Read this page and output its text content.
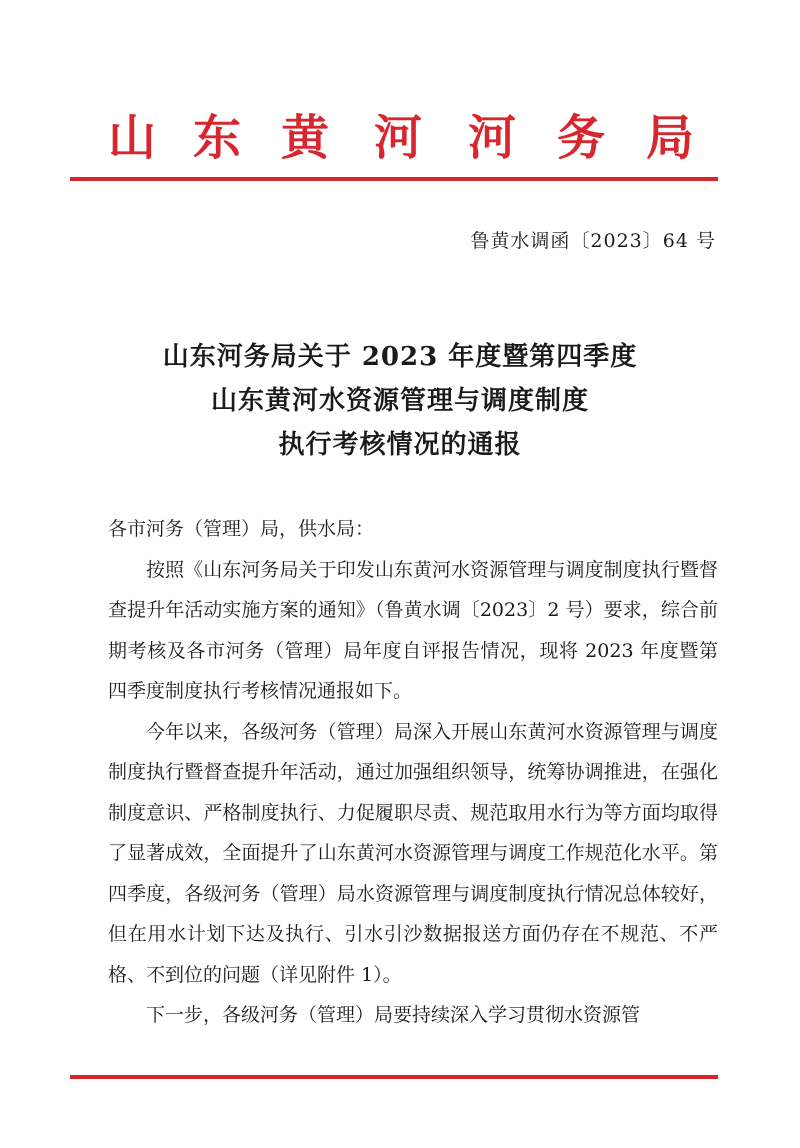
山 东 黄 河 河 务 局
鲁黄水调函〔2023〕64 号
山东河务局关于 2023 年度暨第四季度
山东黄河水资源管理与调度制度
执行考核情况的通报

各市河务（管理）局，供水局：

按照《山东河务局关于印发山东黄河水资源管理与调度制度执行暨督查提升年活动实施方案的通知》（鲁黄水调〔2023〕2 号）要求，综合前期考核及各市河务（管理）局年度自评报告情况，现将 2023 年度暨第四季度制度执行考核情况通报如下。

今年以来，各级河务（管理）局深入开展山东黄河水资源管理与调度制度执行暨督查提升年活动，通过加强组织领导，统筹协调推进，在强化制度意识、严格制度执行、力促履职尽责、规范取用水行为等方面均取得了显著成效，全面提升了山东黄河水资源管理与调度工作规范化水平。第四季度，各级河务（管理）局水资源管理与调度制度执行情况总体较好，但在用水计划下达及执行、引水引沙数据报送方面仍存在不规范、不严格、不到位的问题（详见附件 1）。

下一步，各级河务（管理）局要持续深入学习贯彻水资源管
